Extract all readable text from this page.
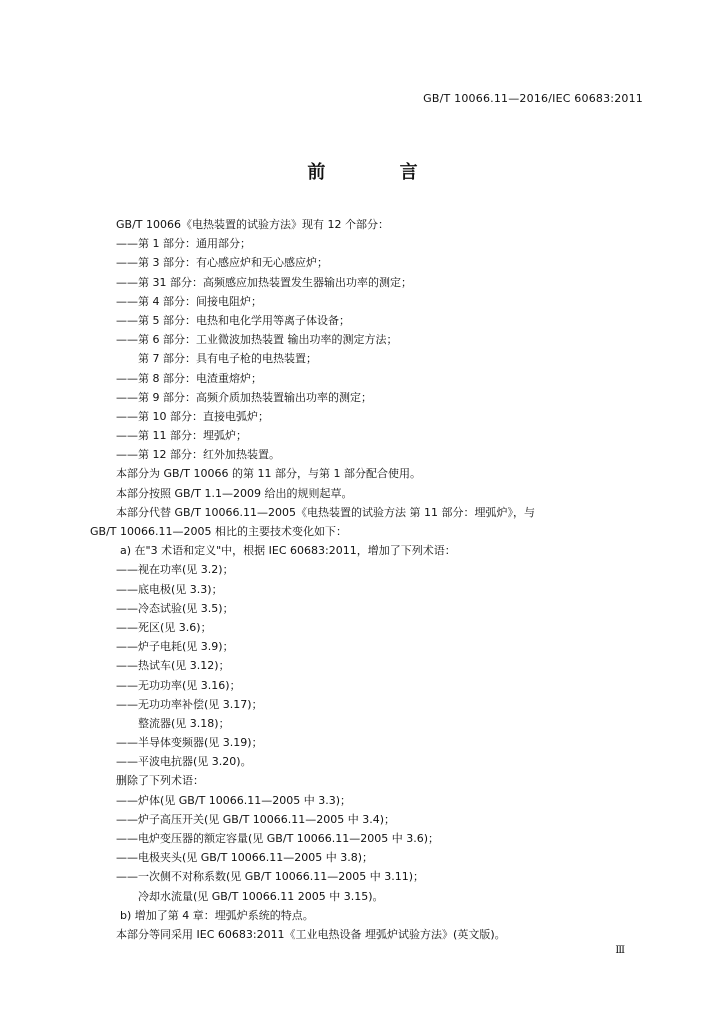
GB/T 10066.11—2016/IEC 60683:2011
前 言
GB/T 10066《电热装置的试验方法》现有 12 个部分：
——第 1 部分：通用部分；
——第 3 部分：有心感应炉和无心感应炉；
——第 31 部分：高频感应加热装置发生器输出功率的测定；
——第 4 部分：间接电阻炉；
——第 5 部分：电热和电化学用等离子体设备；
——第 6 部分：工业微波加热装置 输出功率的测定方法；
第 7 部分：具有电子枪的电热装置；
——第 8 部分：电渣重熔炉；
——第 9 部分：高频介质加热装置输出功率的测定；
——第 10 部分：直接电弧炉；
——第 11 部分：埋弧炉；
——第 12 部分：红外加热装置。
本部分为 GB/T 10066 的第 11 部分，与第 1 部分配合使用。
本部分按照 GB/T 1.1—2009 给出的规则起草。
本部分代替 GB/T 10066.11—2005《电热装置的试验方法 第 11 部分：埋弧炉》，与
GB/T 10066.11—2005 相比的主要技术变化如下：
a) 在"3 术语和定义"中，根据 IEC 60683:2011，增加了下列术语：
——视在功率(见 3.2)；
——底电极(见 3.3)；
——冷态试验(见 3.5)；
——死区(见 3.6)；
——炉子电耗(见 3.9)；
——热试车(见 3.12)；
——无功功率(见 3.16)；
——无功功率补偿(见 3.17)；
整流器(见 3.18)；
——半导体变频器(见 3.19)；
——平波电抗器(见 3.20)。
删除了下列术语：
——炉体(见 GB/T 10066.11—2005 中 3.3)；
——炉子高压开关(见 GB/T 10066.11—2005 中 3.4)；
——电炉变压器的额定容量(见 GB/T 10066.11—2005 中 3.6)；
——电极夹头(见 GB/T 10066.11—2005 中 3.8)；
——一次侧不对称系数(见 GB/T 10066.11—2005 中 3.11)；
冷却水流量(见 GB/T 10066.11 2005 中 3.15)。
b) 增加了第 4 章：埋弧炉系统的特点。
本部分等同采用 IEC 60683:2011《工业电热设备 埋弧炉试验方法》(英文版)。
Ⅲ
